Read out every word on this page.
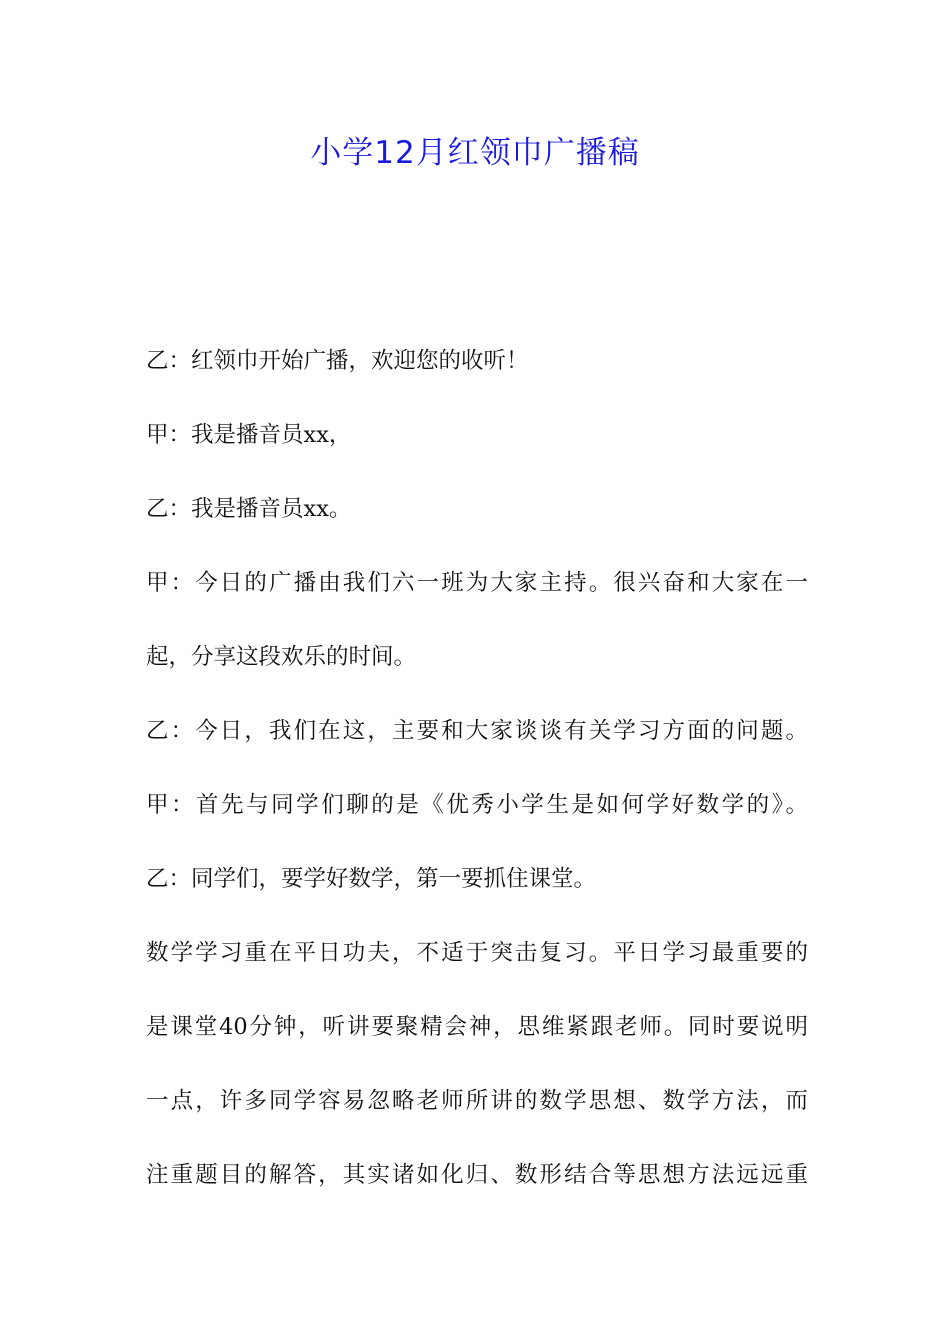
小学12月红领巾广播稿
乙：红领巾开始广播，欢迎您的收听！
甲：我是播音员xx，
乙：我是播音员xx。
甲：今日的广播由我们六一班为大家主持。很兴奋和大家在一
起，分享这段欢乐的时间。
乙：今日，我们在这，主要和大家谈谈有关学习方面的问题。
甲：首先与同学们聊的是《优秀小学生是如何学好数学的》。
乙：同学们，要学好数学，第一要抓住课堂。
数学学习重在平日功夫，不适于突击复习。平日学习最重要的
是课堂40分钟，听讲要聚精会神，思维紧跟老师。同时要说明
一点，许多同学容易忽略老师所讲的数学思想、数学方法，而
注重题目的解答，其实诸如化归、数形结合等思想方法远远重
